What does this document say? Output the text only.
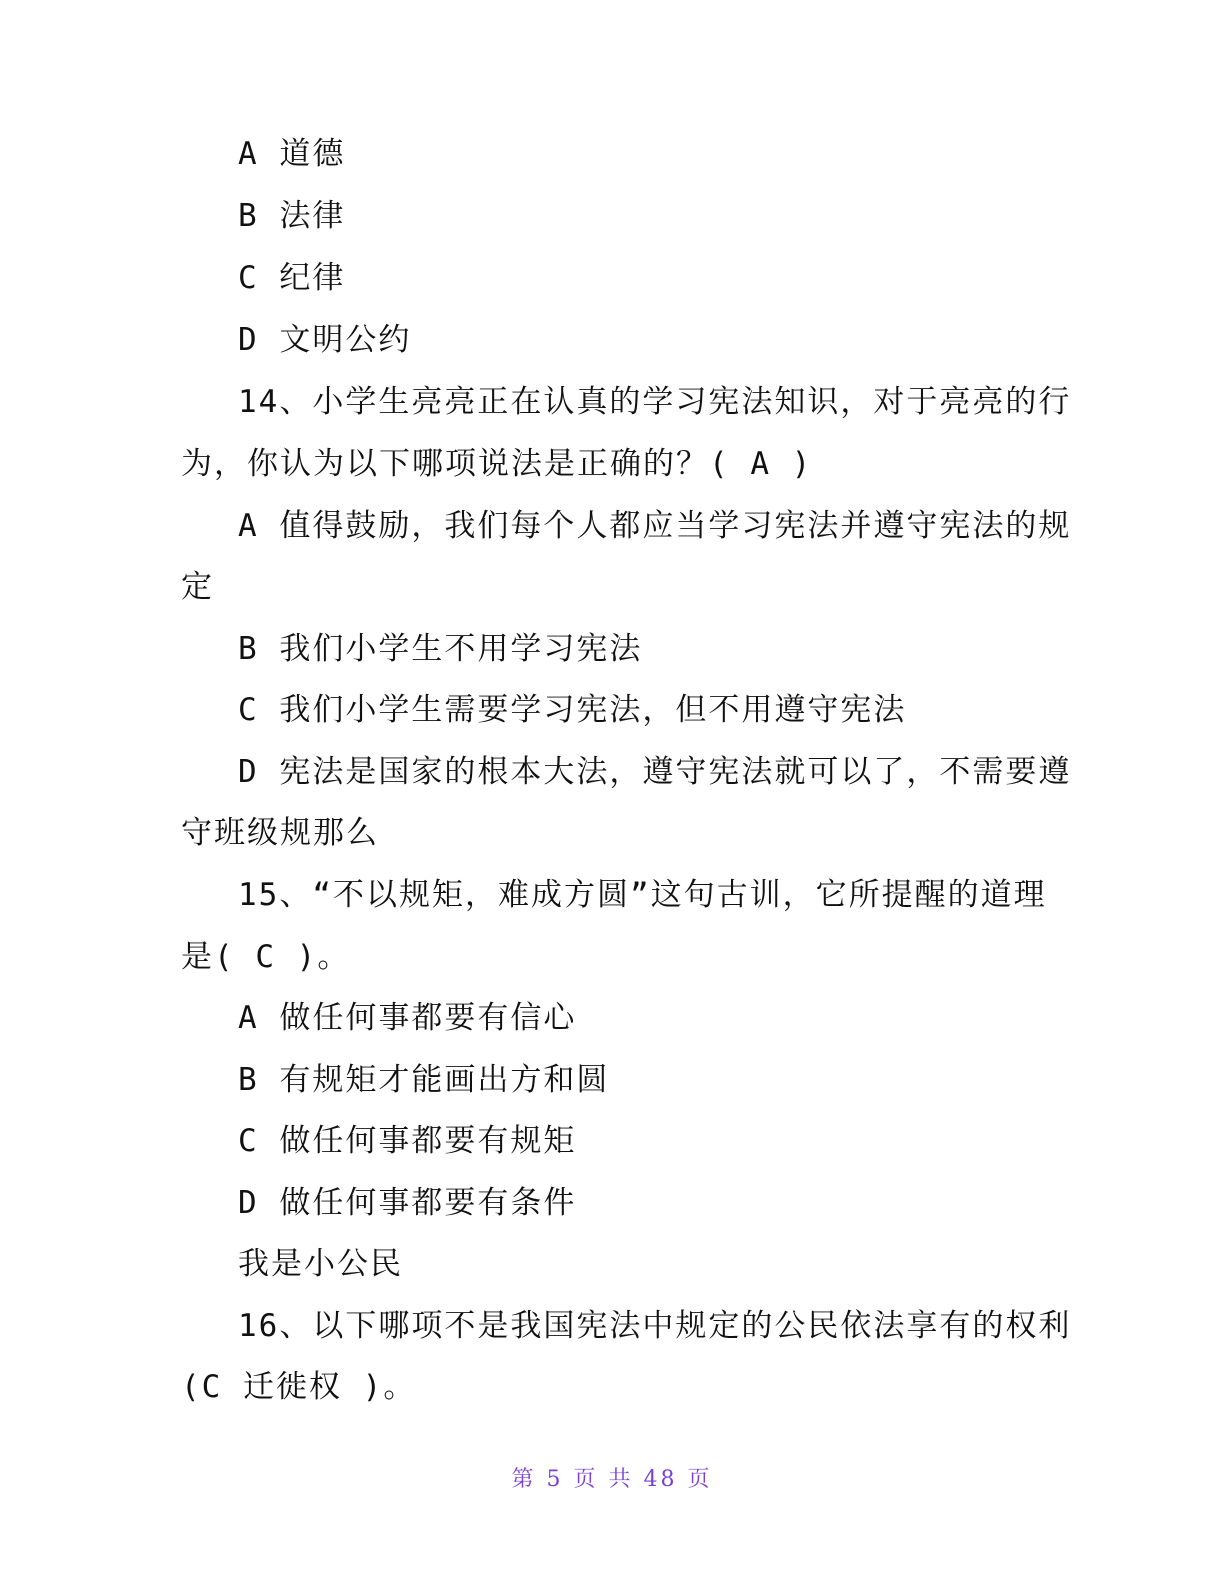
A 道德
B 法律
C 纪律
D 文明公约
14、小学生亮亮正在认真的学习宪法知识，对于亮亮的行
为，你认为以下哪项说法是正确的？( A )
A 值得鼓励，我们每个人都应当学习宪法并遵守宪法的规
定
B 我们小学生不用学习宪法
C 我们小学生需要学习宪法，但不用遵守宪法
D 宪法是国家的根本大法，遵守宪法就可以了，不需要遵
守班级规那么
15、“不以规矩，难成方圆”这句古训，它所提醒的道理
是( C )。
A 做任何事都要有信心
B 有规矩才能画出方和圆
C 做任何事都要有规矩
D 做任何事都要有条件
我是小公民
16、以下哪项不是我国宪法中规定的公民依法享有的权利
(C 迁徙权 )。
第 5 页 共 48 页
